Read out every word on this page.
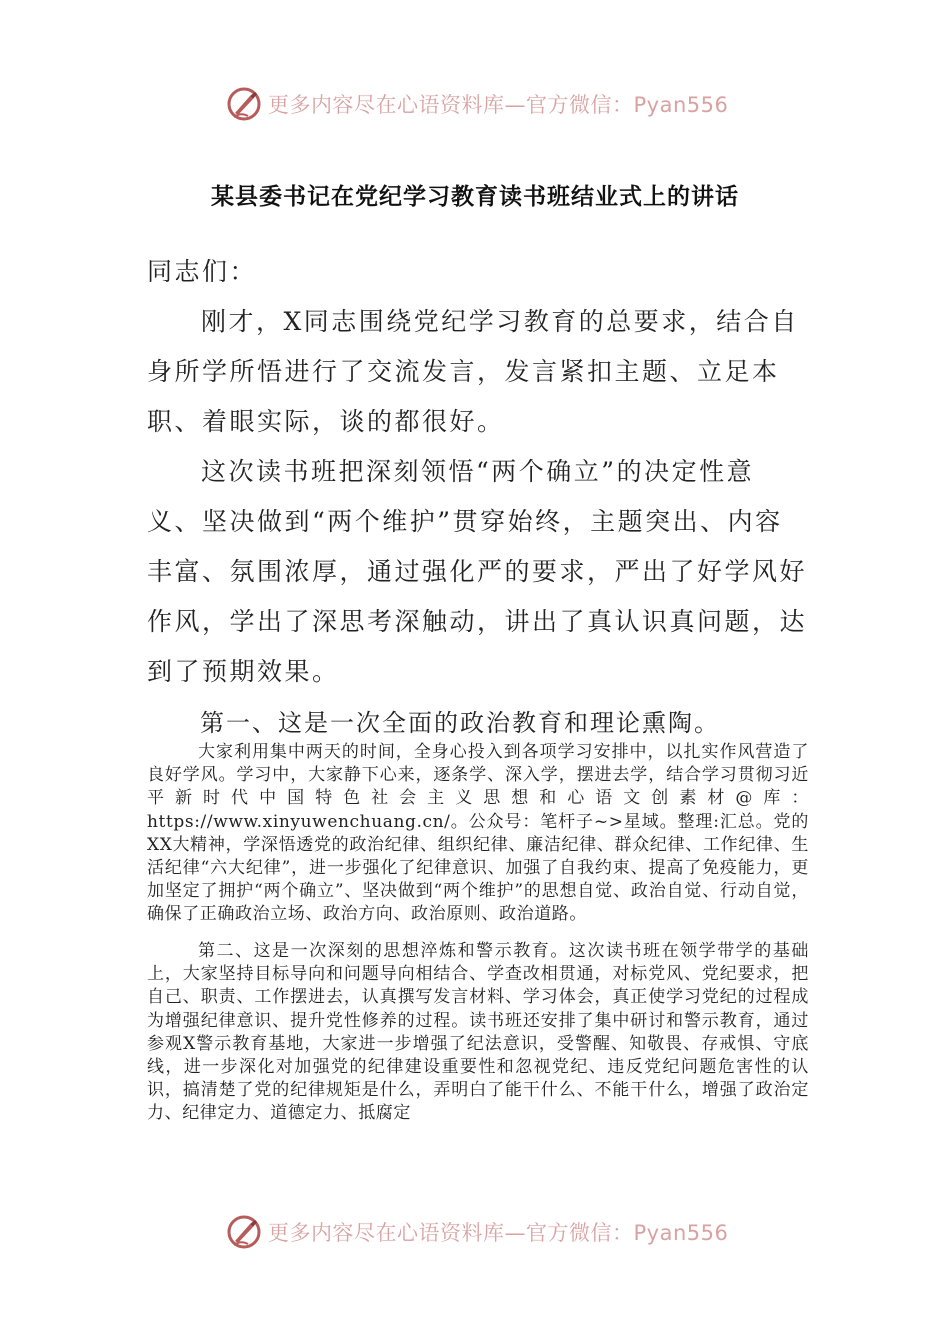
更多内容尽在心语资料库—官方微信：Pyan556
某县委书记在党纪学习教育读书班结业式上的讲话

同志们：

刚才，X同志围绕党纪学习教育的总要求，结合自身所学所悟进行了交流发言，发言紧扣主题、立足本职、着眼实际，谈的都很好。

这次读书班把深刻领悟“两个确立”的决定性意义、坚决做到“两个维护”贯穿始终，主题突出、内容丰富、氛围浓厚，通过强化严的要求，严出了好学风好作风，学出了深思考深触动，讲出了真认识真问题，达到了预期效果。

第一、这是一次全面的政治教育和理论熏陶。

大家利用集中两天的时间，全身心投入到各项学习安排中，以扎实作风营造了良好学风。学习中，大家静下心来，逐条学、深入学，摆进去学，结合学习贯彻习近平新时代中国特色社会主义思想和心语文创素材@库：https://www.xinyuwenchuang.cn/。公众号：笔杆子~>星域。整理:汇总。党的XX大精神，学深悟透党的政治纪律、组织纪律、廉洁纪律、群众纪律、工作纪律、生活纪律“六大纪律”，进一步强化了纪律意识、加强了自我约束、提高了免疫能力，更加坚定了拥护“两个确立”、坚决做到“两个维护”的思想自觉、政治自觉、行动自觉，确保了正确政治立场、政治方向、政治原则、政治道路。

第二、这是一次深刻的思想淬炼和警示教育。这次读书班在领学带学的基础上，大家坚持目标导向和问题导向相结合、学查改相贯通，对标党风、党纪要求，把自己、职责、工作摆进去，认真撰写发言材料、学习体会，真正使学习党纪的过程成为增强纪律意识、提升党性修养的过程。读书班还安排了集中研讨和警示教育，通过参观X警示教育基地，大家进一步增强了纪法意识，受警醒、知敬畏、存戒惧、守底线，进一步深化对加强党的纪律建设重要性和忽视党纪、违反党纪问题危害性的认识，搞清楚了党的纪律规矩是什么，弄明白了能干什么、不能干什么，增强了政治定力、纪律定力、道德定力、抵腐定

更多内容尽在心语资料库—官方微信：Pyan556
